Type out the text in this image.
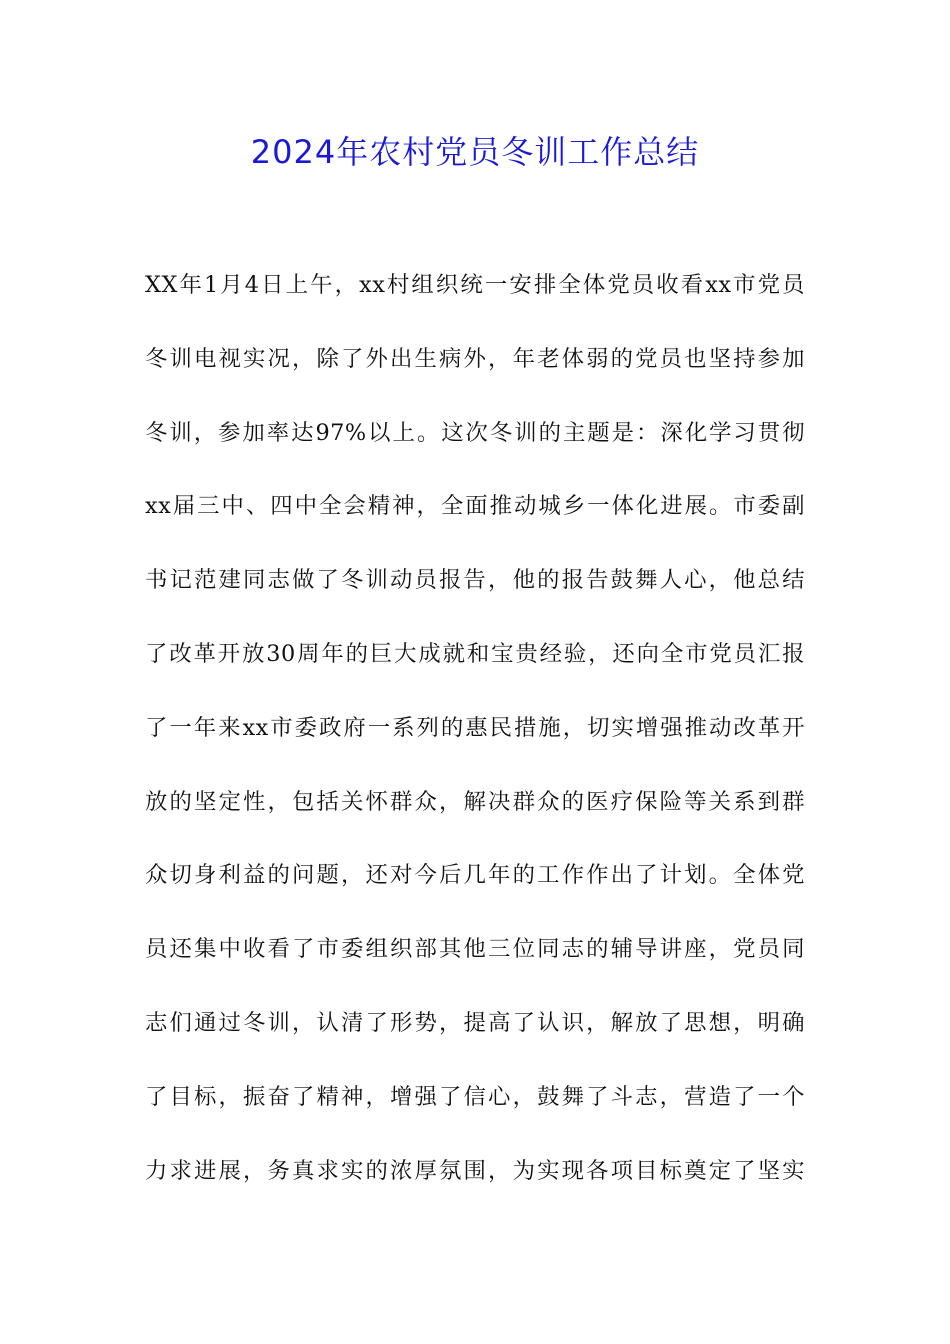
2024年农村党员冬训工作总结
XX年1月4日上午，xx村组织统一安排全体党员收看xx市党员
冬训电视实况，除了外出生病外，年老体弱的党员也坚持参加
冬训，参加率达97%以上。这次冬训的主题是：深化学习贯彻
xx届三中、四中全会精神，全面推动城乡一体化进展。市委副
书记范建同志做了冬训动员报告，他的报告鼓舞人心，他总结
了改革开放30周年的巨大成就和宝贵经验，还向全市党员汇报
了一年来xx市委政府一系列的惠民措施，切实增强推动改革开
放的坚定性，包括关怀群众，解决群众的医疗保险等关系到群
众切身利益的问题，还对今后几年的工作作出了计划。全体党
员还集中收看了市委组织部其他三位同志的辅导讲座，党员同
志们通过冬训，认清了形势，提高了认识，解放了思想，明确
了目标，振奋了精神，增强了信心，鼓舞了斗志，营造了一个
力求进展，务真求实的浓厚氛围，为实现各项目标奠定了坚实
